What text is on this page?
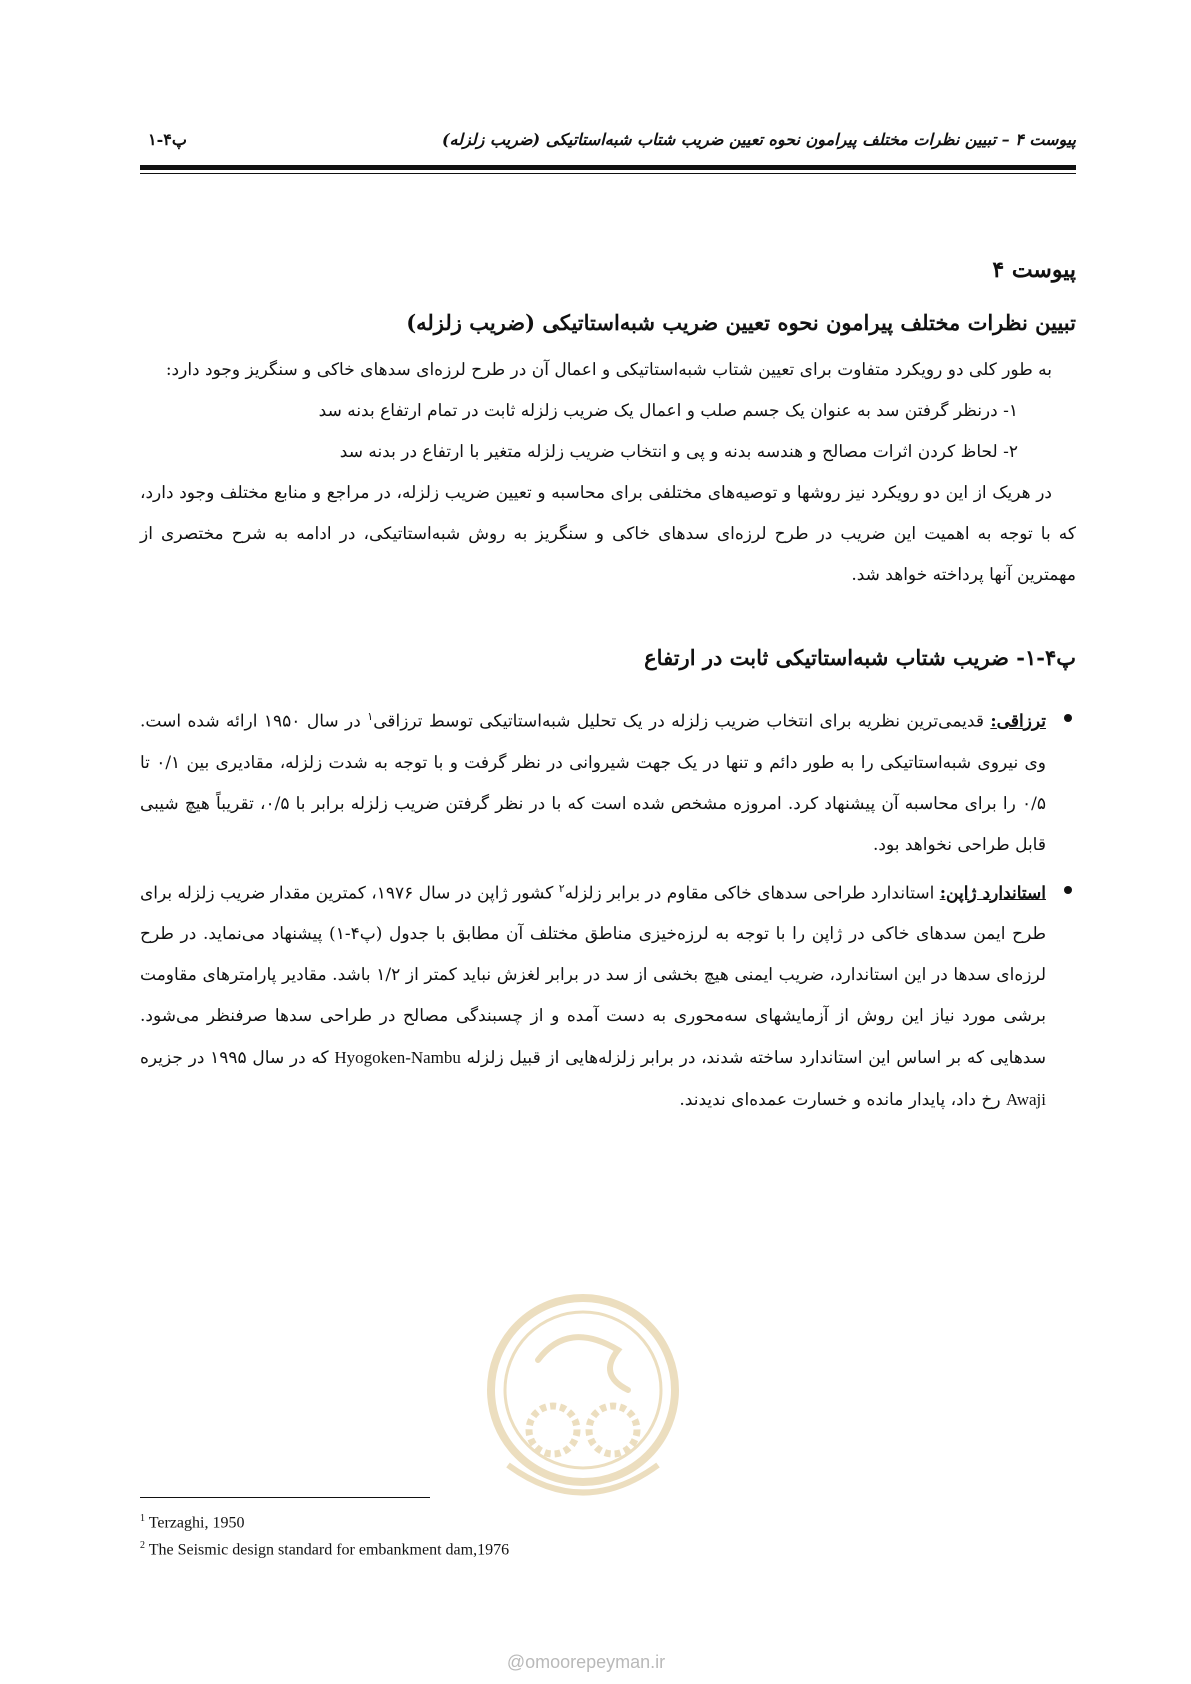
پیوست ۴ – تبیین نظرات مختلف پیرامون نحوه تعیین ضریب شتاب شبه‌استاتیکی (ضریب زلزله)
پ۴-۱
پیوست ۴
تبیین نظرات مختلف پیرامون نحوه تعیین ضریب شبه‌استاتیکی (ضریب زلزله)

به طور کلی دو رویکرد متفاوت برای تعیین شتاب شبه‌استاتیکی و اعمال آن در طرح لرزه‌ای سدهای خاکی و سنگریز وجود دارد:

۱- درنظر گرفتن سد به عنوان یک جسم صلب و اعمال یک ضریب زلزله ثابت در تمام ارتفاع بدنه سد

۲- لحاظ کردن اثرات مصالح و هندسه بدنه و پی و انتخاب ضریب زلزله متغیر با ارتفاع در بدنه سد

در هریک از این دو رویکرد نیز روشها و توصیه‌های مختلفی برای محاسبه و تعیین ضریب زلزله، در مراجع و منابع مختلف وجود دارد، که با توجه به اهمیت این ضریب در طرح لرزه‌ای سدهای خاکی و سنگریز به روش شبه‌استاتیکی، در ادامه به شرح مختصری از مهمترین آنها پرداخته خواهد شد.

پ۴-۱- ضریب شتاب شبه‌استاتیکی ثابت در ارتفاع
ترزاقی: قدیمی‌ترین نظریه برای انتخاب ضریب زلزله در یک تحلیل شبه‌استاتیکی توسط ترزاقی$^۱$ در سال ۱۹۵۰ ارائه شده است. وی نیروی شبه‌استاتیکی را به طور دائم و تنها در یک جهت شیروانی در نظر گرفت و با توجه به شدت زلزله، مقادیری بین ۰/۱ تا ۰/۵ را برای محاسبه آن پیشنهاد کرد. امروزه مشخص شده است که با در نظر گرفتن ضریب زلزله برابر با ۰/۵، تقریباً هیچ شیبی قابل طراحی نخواهد بود.
استاندارد ژاپن: استاندارد طراحی سدهای خاکی مقاوم در برابر زلزله$^۲$ کشور ژاپن در سال ۱۹۷۶، کمترین مقدار ضریب زلزله برای طرح ایمن سدهای خاکی در ژاپن را با توجه به لرزه‌خیزی مناطق مختلف آن مطابق با جدول (پ۴-۱) پیشنهاد می‌نماید. در طرح لرزه‌ای سدها در این استاندارد، ضریب ایمنی هیچ بخشی از سد در برابر لغزش نباید کمتر از ۱/۲ باشد. مقادیر پارامترهای مقاومت برشی مورد نیاز این روش از آزمایشهای سه‌محوری به دست آمده و از چسبندگی مصالح در طراحی سدها صرفنظر می‌شود. سدهایی که بر اساس این استاندارد ساخته شدند، در برابر زلزله‌هایی از قبیل زلزله Hyogoken-Nambu که در سال ۱۹۹۵ در جزیره Awaji رخ داد، پایدار مانده و خسارت عمده‌ای ندیدند.
@omoorepeyman.ir
$^1$ Terzaghi, 1950
$^2$ The Seismic design standard for embankment dam,1976
